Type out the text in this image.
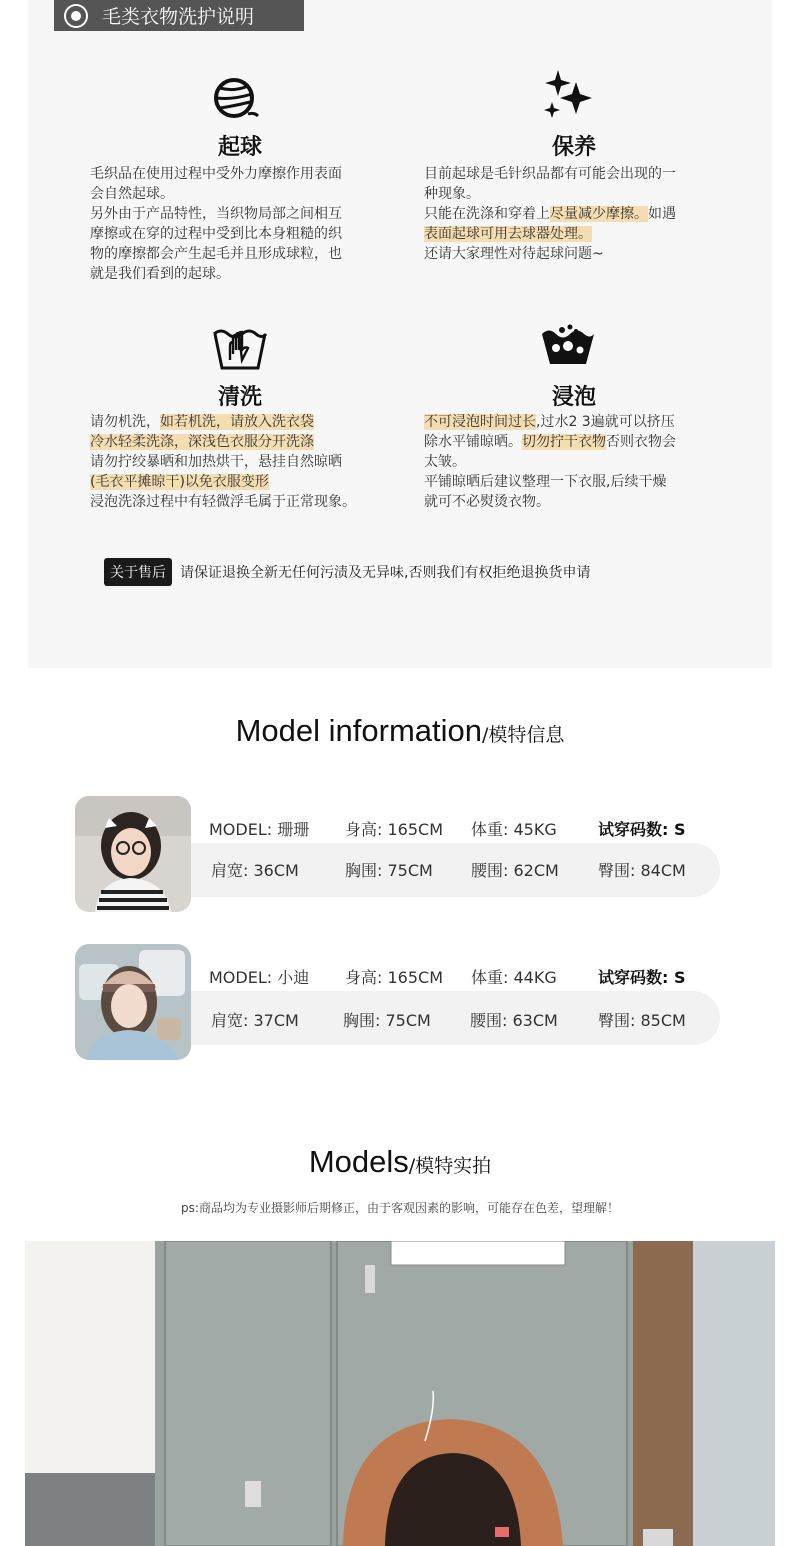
毛类衣物洗护说明
起球
毛织品在使用过程中受外力摩擦作用表面
会自然起球。
另外由于产品特性，当织物局部之间相互
摩擦或在穿的过程中受到比本身粗糙的织
物的摩擦都会产生起毛并且形成球粒，也
就是我们看到的起球。
保养
目前起球是毛针织品都有可能会出现的一
种现象。
只能在洗涤和穿着上尽量减少摩擦。如遇
表面起球可用去球器处理。
还请大家理性对待起球问题~
清洗
请勿机洗，如若机洗，请放入洗衣袋
冷水轻柔洗涤，深浅色衣服分开洗涤
请勿拧绞暴晒和加热烘干，悬挂自然晾晒
(毛衣平摊晾干)以免衣服变形
浸泡洗涤过程中有轻微浮毛属于正常现象。
浸泡
不可浸泡时间过长,过水2 3遍就可以挤压
除水平铺晾晒。切勿拧干衣物否则衣物会
太皱。
平铺晾晒后建议整理一下衣服,后续干燥
就可不必熨烫衣物。
关于售后	请保证退换全新无任何污渍及无异味,否则我们有权拒绝退换货申请
Model information/模特信息
MODEL: 珊珊 身高: 165CM 体重: 45KG	试穿码数: S
肩宽: 36CM	胸围: 75CM 腰围: 62CM 臀围: 84CM
MODEL: 小迪 身高: 165CM 体重: 44KG	试穿码数: S
肩宽: 37CM	胸围: 75CM 腰围: 63CM	臀围: 85CM
Models/模特实拍
ps:商品均为专业摄影师后期修正，由于客观因素的影响，可能存在色差，望理解！
